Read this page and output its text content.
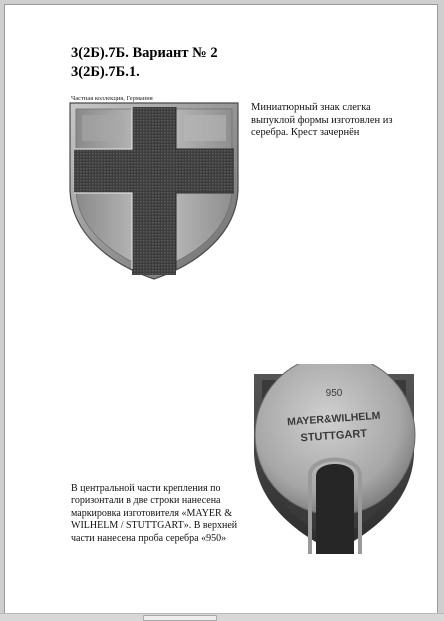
3(2Б).7Б. Вариант № 2
3(2Б).7Б.1.
Частная коллекция, Германия
Миниатюрный знак слегка выпуклой формы изготовлен из серебра. Крест зачернён
В центральной части крепления по горизонтали в две строки нанесена маркировка изготовителя «MAYER & WILHELM / STUTTGART». В верхней части нанесена проба серебра «950»
950
MAYER&WILHELM
STUTTGART
